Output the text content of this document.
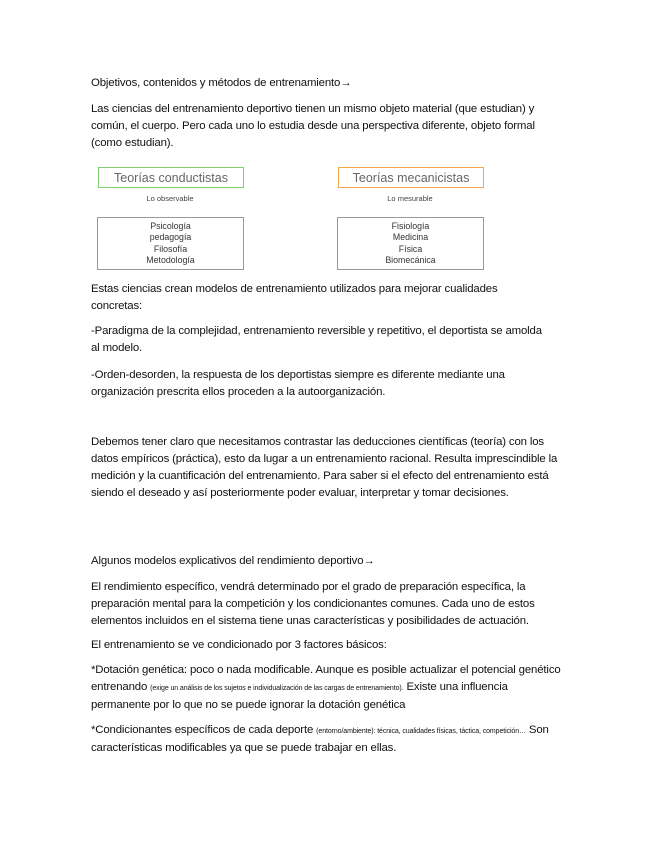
Objetivos, contenidos y métodos de entrenamiento→

Las ciencias del entrenamiento deportivo tienen un mismo objeto material (que estudian) y común, el cuerpo. Pero cada uno lo estudia desde una perspectiva diferente, objeto formal (como estudian).

Teorías conductistas
Lo observable
Psicología
pedagogía
Filosofía
Metodología
Teorías mecanicistas
Lo mesurable
Fisiología
Medicina
Física
Biomecánica

Estas ciencias crean modelos de entrenamiento utilizados para mejorar cualidades concretas:

-Paradigma de la complejidad, entrenamiento reversible y repetitivo, el deportista se amolda al modelo.

-Orden-desorden, la respuesta de los deportistas siempre es diferente mediante una organización prescrita ellos proceden a la autoorganización.

Debemos tener claro que necesitamos contrastar las deducciones científicas (teoría) con los datos empíricos (práctica), esto da lugar a un entrenamiento racional. Resulta imprescindible la medición y la cuantificación del entrenamiento. Para saber si el efecto del entrenamiento está siendo el deseado y así posteriormente poder evaluar, interpretar y tomar decisiones.

Algunos modelos explicativos del rendimiento deportivo→

El rendimiento específico, vendrá determinado por el grado de preparación específica, la preparación mental para la competición y los condicionantes comunes. Cada uno de estos elementos incluidos en el sistema tiene unas características y posibilidades de actuación.

El entrenamiento se ve condicionado por 3 factores básicos:

*Dotación genética: poco o nada modificable. Aunque es posible actualizar el potencial genético entrenando (exige un análisis de los sujetos e individualización de las cargas de entrenamiento). Existe una influencia permanente por lo que no se puede ignorar la dotación genética

*Condicionantes específicos de cada deporte (entorno/ambiente): técnica, cualidades físicas, táctica, competición… Son características modificables ya que se puede trabajar en ellas.
